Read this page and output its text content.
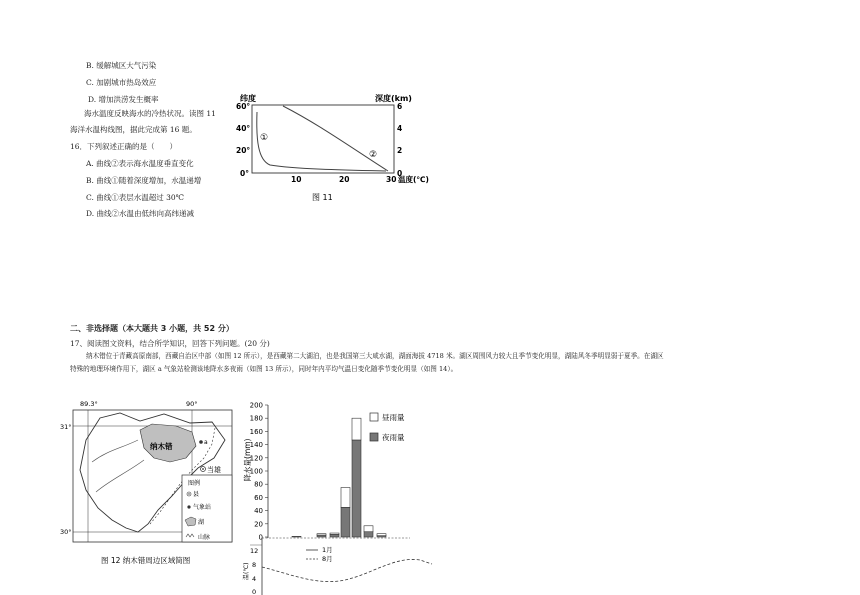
B. 缓解城区大气污染
C. 加剧城市热岛效应
D. 增加洪涝发生概率
海水温度反映海水的冷热状况。读图 11
海洋水温构线图，据此完成第 16 题。
16．下列叙述正确的是（　　）
A. 曲线②表示海水温度垂直变化
B. 曲线①随着深度增加，水温递增
C. 曲线①表层水温超过 30℃
D. 曲线②水温由低纬向高纬递减
纬度	深度(km)
60°
40°
20°
0°
6
4
2
0
10	20	30 温度(℃)
①
②
图 11
二、非选择题（本大题共 3 小题，共 52 分）
17、阅读图文资料，结合所学知识，回答下列问题。(20 分)
纳木错位于青藏高原南部，西藏自治区中部（如图 12 所示），是西藏第二大湖泊，也是我国第三大咸水湖，湖面海拔 4718 米。湖区周围风力较大且季节变化明显，湖陆风冬季明显弱于夏季。在湖区
特殊的地理环境作用下，湖区 a 气象站检测该地降水多夜雨（如图 13 所示），同时年内平均气温日变化随季节变化明显（如图 14）。
89.3°	90°
31°
30°
纳木错	a
当雄
图例
县
气象站
湖
山脉
图 12 纳木错周边区域简图
降水量(mm)
0
20
40
60
80
100
120
140
160
180
200
昼雨量
夜雨量
12
8
4
0
温(℃)
1月
8月
